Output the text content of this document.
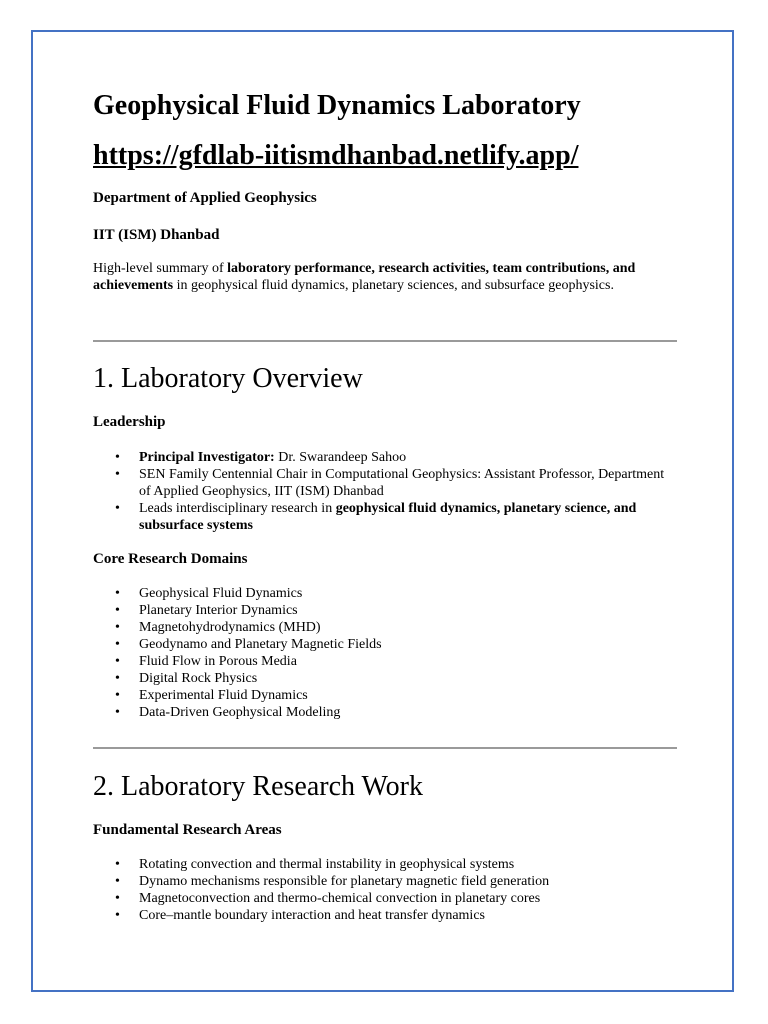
Geophysical Fluid Dynamics Laboratory
https://gfdlab-iitismdhanbad.netlify.app/

Department of Applied Geophysics

IIT (ISM) Dhanbad

High-level summary of laboratory performance, research activities, team contributions, and achievements in geophysical fluid dynamics, planetary sciences, and subsurface geophysics.

1. Laboratory Overview
Leadership
• Principal Investigator: Dr. Swarandeep Sahoo
• SEN Family Centennial Chair in Computational Geophysics: Assistant Professor, Department of Applied Geophysics, IIT (ISM) Dhanbad
• Leads interdisciplinary research in geophysical fluid dynamics, planetary science, and subsurface systems
Core Research Domains
• Geophysical Fluid Dynamics
• Planetary Interior Dynamics
• Magnetohydrodynamics (MHD)
• Geodynamo and Planetary Magnetic Fields
• Fluid Flow in Porous Media
• Digital Rock Physics
• Experimental Fluid Dynamics
• Data-Driven Geophysical Modeling
2. Laboratory Research Work
Fundamental Research Areas
• Rotating convection and thermal instability in geophysical systems
• Dynamo mechanisms responsible for planetary magnetic field generation
• Magnetoconvection and thermo-chemical convection in planetary cores
• Core–mantle boundary interaction and heat transfer dynamics
